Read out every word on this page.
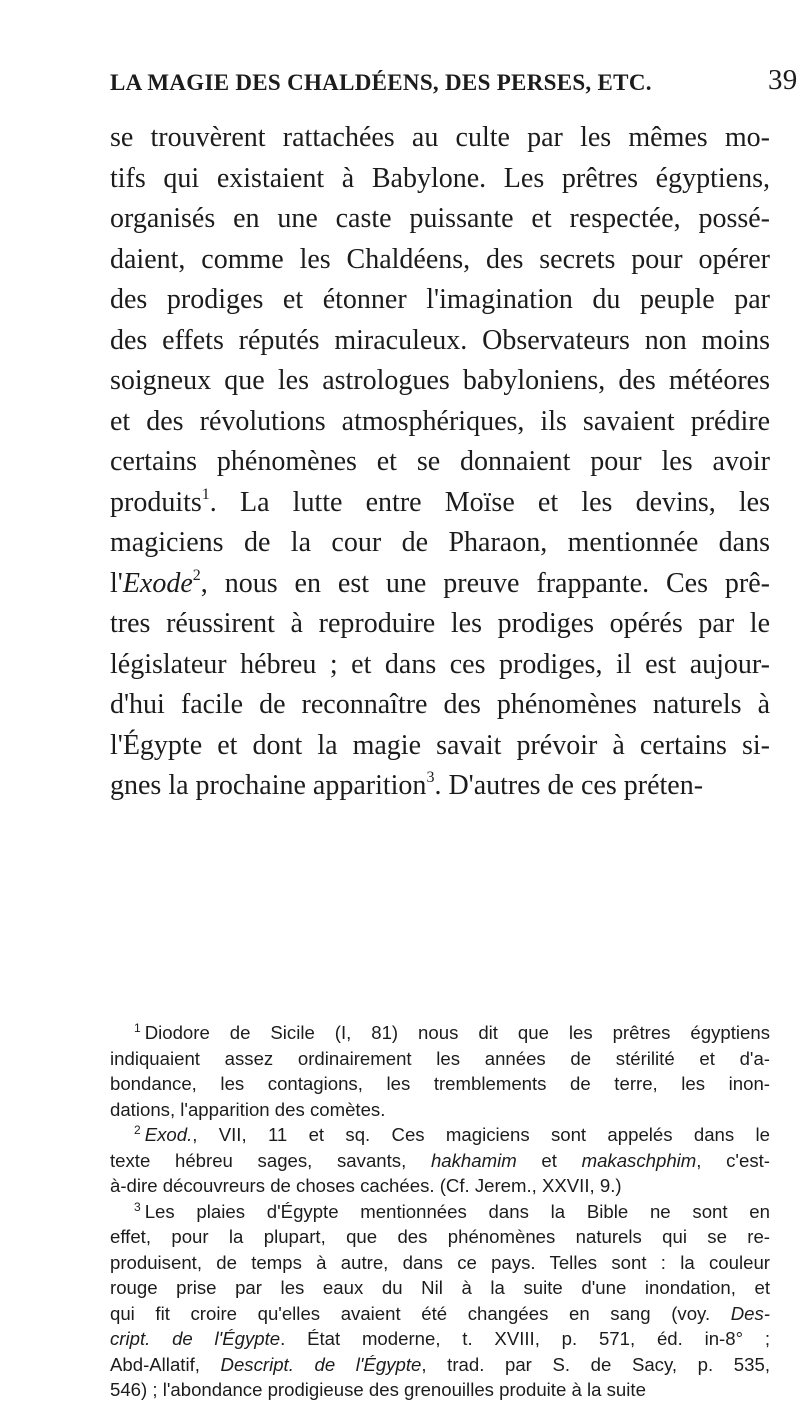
LA MAGIE DES CHALDÉENS, DES PERSES, ETC.	39
se trouvèrent rattachées au culte par les mêmes mo-
tifs qui existaient à Babylone. Les prêtres égyptiens,
organisés en une caste puissante et respectée, possé-
daient, comme les Chaldéens, des secrets pour opérer
des prodiges et étonner l'imagination du peuple par
des effets réputés miraculeux. Observateurs non moins
soigneux que les astrologues babyloniens, des météores
et des révolutions atmosphériques, ils savaient prédire
certains phénomènes et se donnaient pour les avoir
produits$^1$. La lutte entre Moïse et les devins, les
magiciens de la cour de Pharaon, mentionnée dans
l'Exode$^2$, nous en est une preuve frappante. Ces prê-
tres réussirent à reproduire les prodiges opérés par le
législateur hébreu ; et dans ces prodiges, il est aujour-
d'hui facile de reconnaître des phénomènes naturels à
l'Égypte et dont la magie savait prévoir à certains si-
gnes la prochaine apparition$^3$. D'autres de ces préten-
$^1$ Diodore de Sicile (I, 81) nous dit que les prêtres égyptiens
indiquaient assez ordinairement les années de stérilité et d'a-
bondance, les contagions, les tremblements de terre, les inon-
dations, l'apparition des comètes.
$^2$ Exod., VII, 11 et sq. Ces magiciens sont appelés dans le
texte hébreu sages, savants, hakhamim et makaschphim, c'est-
à-dire découvreurs de choses cachées. (Cf. Jerem., XXVII, 9.)
$^3$ Les plaies d'Égypte mentionnées dans la Bible ne sont en
effet, pour la plupart, que des phénomènes naturels qui se re-
produisent, de temps à autre, dans ce pays. Telles sont : la couleur
rouge prise par les eaux du Nil à la suite d'une inondation, et
qui fit croire qu'elles avaient été changées en sang (voy. Des-
cript. de l'Égypte. État moderne, t. XVIII, p. 571, éd. in-8° ;
Abd-Allatif, Descript. de l'Égypte, trad. par S. de Sacy, p. 535,
546) ; l'abondance prodigieuse des grenouilles produite à la suite
